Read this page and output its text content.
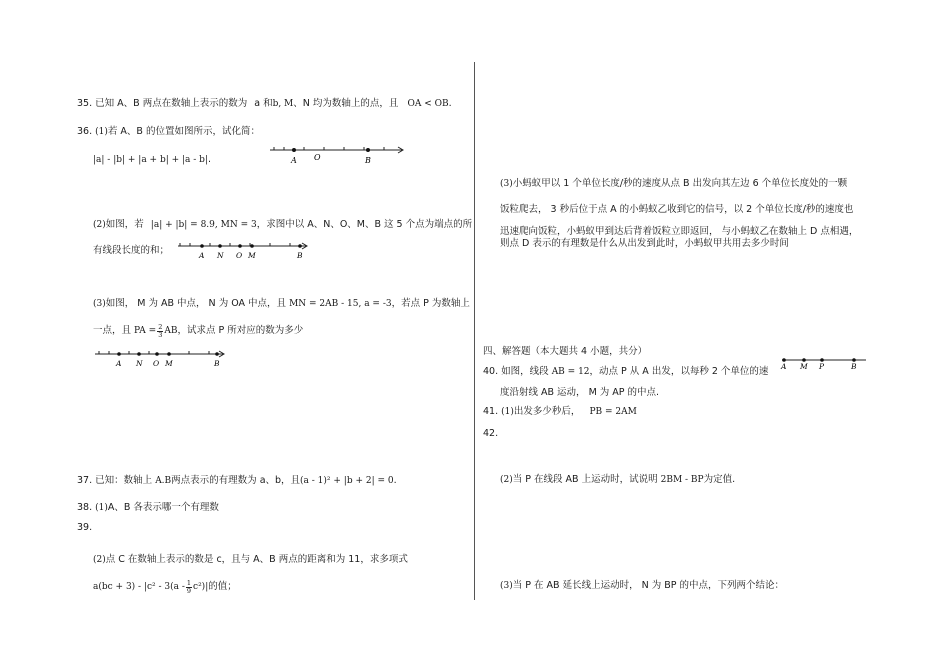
35. 已知 A、B 两点在数轴上表示的数为 a 和b, M、N 均为数轴上的点，且 OA < OB.
36. (1)若 A、B 的位置如图所示，试化简：
|a| - |b| + |a + b| + |a - b|.	A O	B
(2)如图，若 |a| + |b| = 8.9, MN = 3，求图中以 A、N、O、M、B 这 5 个点为端点的所
有线段长度的和；	A N O M	B
(3)如图， M 为 AB 中点， N 为 OA 中点，且 MN = 2AB - 15, a = -3，若点 P 为数轴上
一点，且 PA = $\frac{2}{3}$ AB ，试求点 P 所对应的数为多少
A N O M	B
37. 已知：数轴上 A.B两点表示的有理数为 a、b，且(a - 1)² + |b + 2| = 0.
38. (1)A、B 各表示哪一个有理数
39.
(2)点 C 在数轴上表示的数是 c，且与 A、B 两点的距离和为 11，求多项式
a(bc + 3) - |c² - 3(a - 1
9 c²)| 的值；
(3)小蚂蚁甲以 1 个单位长度/秒的速度从点 B 出发向其左边 6 个单位长度处的一颗
饭粒爬去， 3 秒后位于点 A 的小蚂蚁乙收到它的信号，以 2 个单位长度/秒的速度也
迅速爬向饭粒，小蚂蚁甲到达后背着饭粒立即返回， 与小蚂蚁乙在数轴上 D 点相遇，
则点 D 表示的有理数是什么从出发到此时，小蚂蚁甲共用去多少时间
四、解答题（本大题共 4 小题，共分）
40. 如图，线段 AB = 12，动点 P 从 A 出发，以每秒 2 个单位的速
度沿射线 AB 运动， M 为 AP 的中点.
A M P	B
41. (1)出发多少秒后， PB = 2AM
42.
(2)当 P 在线段 AB 上运动时，试说明 2BM - BP为定值.
(3)当 P 在 AB 延长线上运动时， N 为 BP 的中点，下列两个结论：
